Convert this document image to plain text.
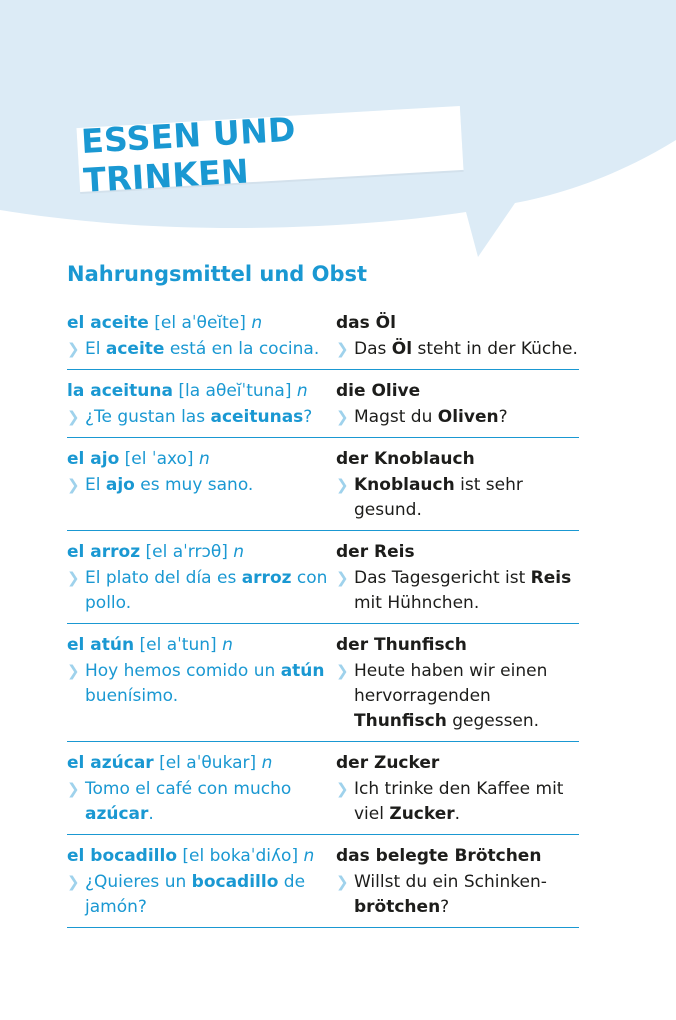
ESSEN UND TRINKEN
Nahrungsmittel und Obst
el aceite [el aˈθeĭte] n
❯ El aceite está en la cocina.
das Öl
❯ Das Öl steht in der Küche.
la aceituna [la aθeĭˈtuna] n
❯ ¿Te gustan las aceitunas?
die Olive
❯ Magst du Oliven?
el ajo [el ˈaxo] n
❯ El ajo es muy sano.
der Knoblauch
❯ Knoblauch ist sehr gesund.
el arroz [el aˈrrɔθ] n
❯ El plato del día es arroz con pollo.
der Reis
❯ Das Tagesgericht ist Reis mit Hühnchen.
el atún [el aˈtun] n
❯ Hoy hemos comido un atún buenísimo.
der Thunfisch
❯ Heute haben wir einen hervorragenden Thunfisch gegessen.
el azúcar [el aˈθukar] n
❯ Tomo el café con mucho azúcar.
der Zucker
❯ Ich trinke den Kaffee mit viel Zucker.
el bocadillo [el bokaˈdiʎo] n
❯ ¿Quieres un bocadillo de jamón?
das belegte Brötchen
❯ Willst du ein Schinken-brötchen?
